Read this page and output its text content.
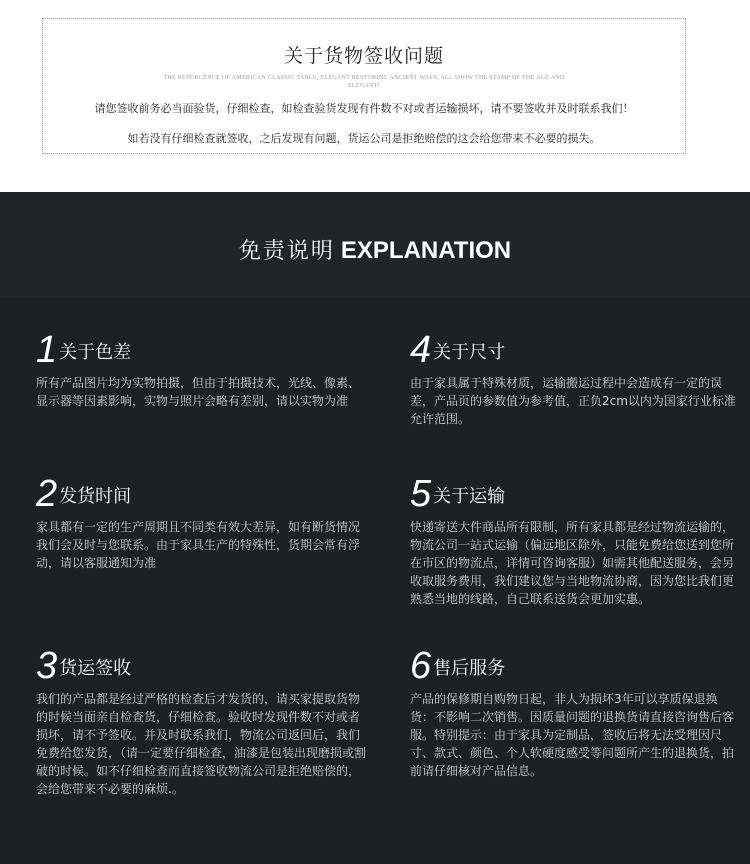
关于货物签收问题
THE RESURGENCE OF AMERICAN CLASSIC TABLE, ELEGANT RESTORING ANCIENT WAYS, ALL SHOW THE STAMP OF THE AGE AND ELEGANT!
请您签收前务必当面验货，仔细检查，如检查验货发现有件数不对或者运输损坏，请不要签收并及时联系我们！
如若没有仔细检查就签收，之后发现有问题，货运公司是拒绝赔偿的这会给您带来不必要的损失。
免责说明 EXPLANATION
1 关于色差
所有产品图片均为实物拍摄，但由于拍摄技术，光线、像素、显示器等因素影响，实物与照片会略有差别，请以实物为准
4 关于尺寸
由于家具属于特殊材质，运输搬运过程中会造成有一定的误差，产品页的参数值为参考值，正负2cm以内为国家行业标准允许范围。
2 发货时间
家具都有一定的生产周期且不同类有效大差异，如有断货情况我们会及时与您联系。由于家具生产的特殊性，货期会常有浮动，请以客服通知为准
5 关于运输
快递寄送大件商品所有限制，所有家具都是经过物流运输的，物流公司一站式运输（偏远地区除外，只能免费给您送到您所在市区的物流点，详情可咨询客服）如需其他配送服务，会另收取服务费用，我们建议您与当地物流协商，因为您比我们更熟悉当地的线路，自己联系送货会更加实惠。
3 货运签收
我们的产品都是经过严格的检查后才发货的，请买家提取货物的时候当面亲自检查货，仔细检查。验收时发现件数不对或者损坏，请不予签收。并及时联系我们，物流公司返回后，我们免费给您发货，（请一定要仔细检查，油漆是包装出现磨损或割破的时候。如不仔细检查而直接签收物流公司是拒绝赔偿的，会给您带来不必要的麻烦.。
6 售后服务
产品的保修期自购物日起，非人为损坏3年可以享质保退换货：不影响二次销售。因质量问题的退换货请直接咨询售后客服。特别提示：由于家具为定制品，签收后将无法受理因尺寸、款式、颜色、个人软硬度感受等问题所产生的退换货，拍前请仔细核对产品信息。
